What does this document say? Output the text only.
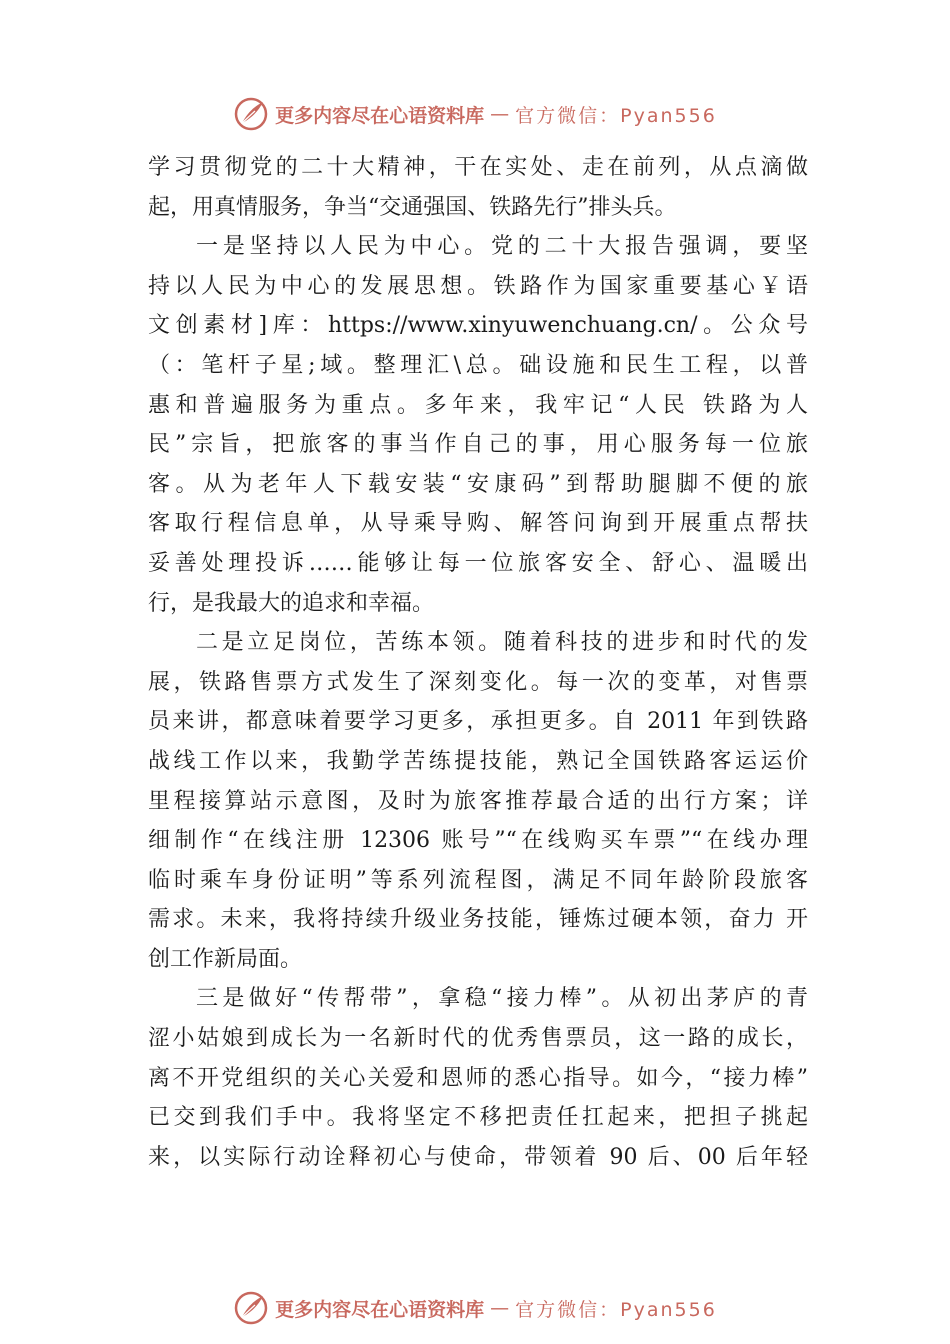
更多内容尽在心语资料库 — 官方微信：Pyan556
学习贯彻党的二十大精神，干在实处、走在前列，从点滴做
起，用真情服务，争当“交通强国、铁路先行”排头兵。
一是坚持以人民为中心。党的二十大报告强调，要坚
持以人民为中心的发展思想。铁路作为国家重要基心￥语
文创素材]库：https://www.xinyuwenchuang.cn/。公众号
（：笔杆子星;域。整理汇\总。础设施和民生工程，以普
惠和普遍服务为重点。多年来，我牢记“人民 铁路为人
民”宗旨，把旅客的事当作自己的事，用心服务每一位旅
客。从为老年人下载安装“安康码”到帮助腿脚不便的旅
客取行程信息单，从导乘导购、解答问询到开展重点帮扶
妥善处理投诉……能够让每一位旅客安全、舒心、温暖出
行，是我最大的追求和幸福。
二是立足岗位，苦练本领。随着科技的进步和时代的发
展，铁路售票方式发生了深刻变化。每一次的变革，对售票
员来讲，都意味着要学习更多，承担更多。自 2011 年到铁路
战线工作以来，我勤学苦练提技能，熟记全国铁路客运运价
里程接算站示意图，及时为旅客推荐最合适的出行方案；详
细制作“在线注册 12306 账号”“在线购买车票”“在线办理
临时乘车身份证明”等系列流程图，满足不同年龄阶段旅客
需求。未来，我将持续升级业务技能，锤炼过硬本领，奋力 开
创工作新局面。
三是做好“传帮带”，拿稳“接力棒”。从初出茅庐的青
涩小姑娘到成长为一名新时代的优秀售票员，这一路的成长，
离不开党组织的关心关爱和恩师的悉心指导。如今，“接力棒”
已交到我们手中。我将坚定不移把责任扛起来，把担子挑起
来，以实际行动诠释初心与使命，带领着 90 后、00 后年轻
更多内容尽在心语资料库 — 官方微信：Pyan556
